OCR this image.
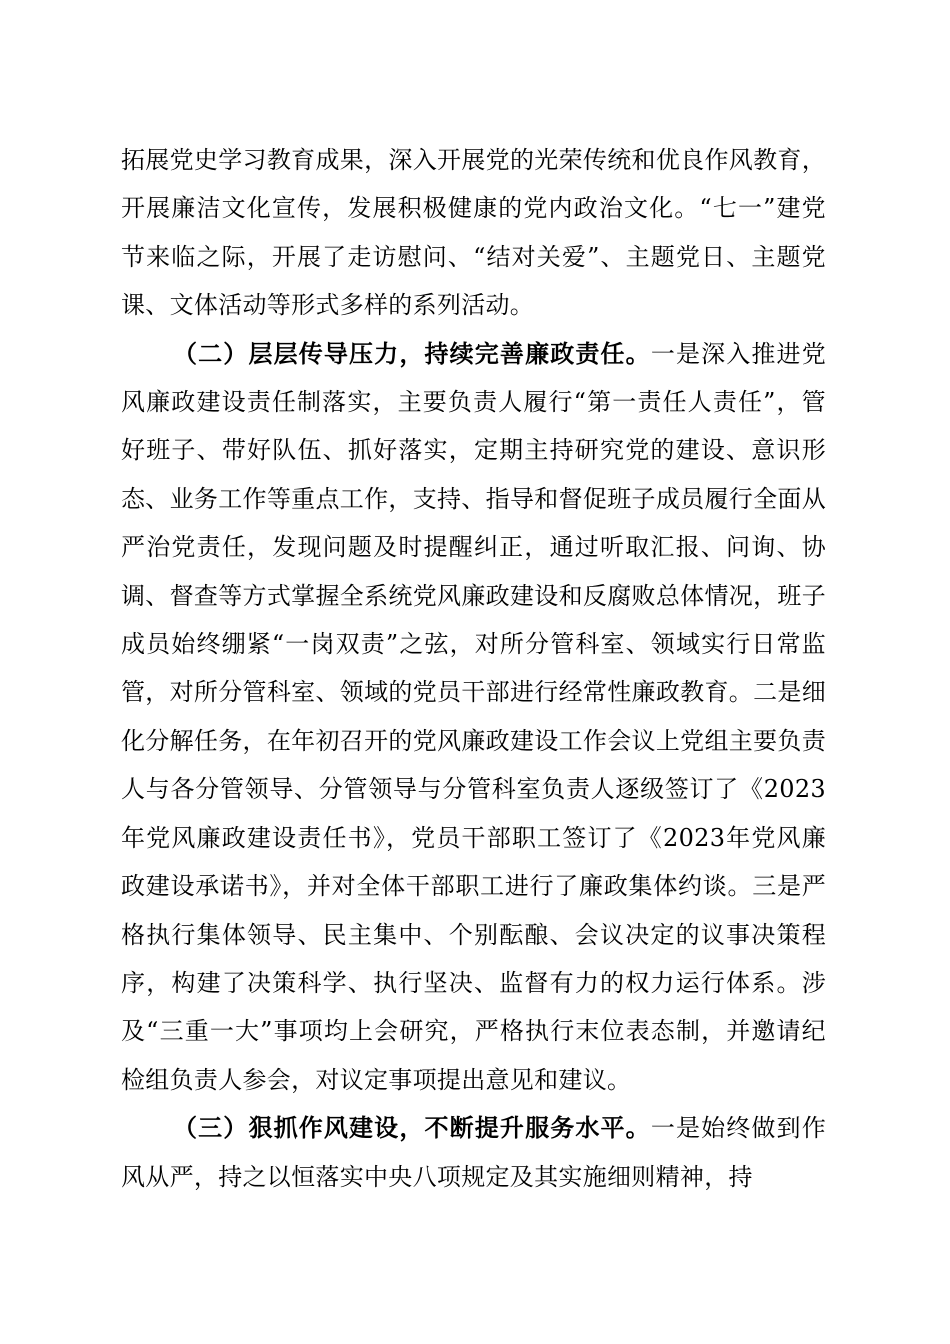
拓展党史学习教育成果，深入开展党的光荣传统和优良作风教育，开展廉洁文化宣传，发展积极健康的党内政治文化。“七一”建党节来临之际，开展了走访慰问、“结对关爱”、主题党日、主题党课、文体活动等形式多样的系列活动。

（二）层层传导压力，持续完善廉政责任。一是深入推进党风廉政建设责任制落实，主要负责人履行“第一责任人责任”，管好班子、带好队伍、抓好落实，定期主持研究党的建设、意识形态、业务工作等重点工作，支持、指导和督促班子成员履行全面从严治党责任，发现问题及时提醒纠正，通过听取汇报、问询、协调、督查等方式掌握全系统党风廉政建设和反腐败总体情况，班子成员始终绷紧“一岗双责”之弦，对所分管科室、领域实行日常监管，对所分管科室、领域的党员干部进行经常性廉政教育。二是细化分解任务，在年初召开的党风廉政建设工作会议上党组主要负责人与各分管领导、分管领导与分管科室负责人逐级签订了《2023年党风廉政建设责任书》，党员干部职工签订了《2023年党风廉政建设承诺书》，并对全体干部职工进行了廉政集体约谈。三是严格执行集体领导、民主集中、个别酝酿、会议决定的议事决策程序，构建了决策科学、执行坚决、监督有力的权力运行体系。涉及“三重一大”事项均上会研究，严格执行末位表态制，并邀请纪检组负责人参会，对议定事项提出意见和建议。

（三）狠抓作风建设，不断提升服务水平。一是始终做到作风从严，持之以恒落实中央八项规定及其实施细则精神，持
